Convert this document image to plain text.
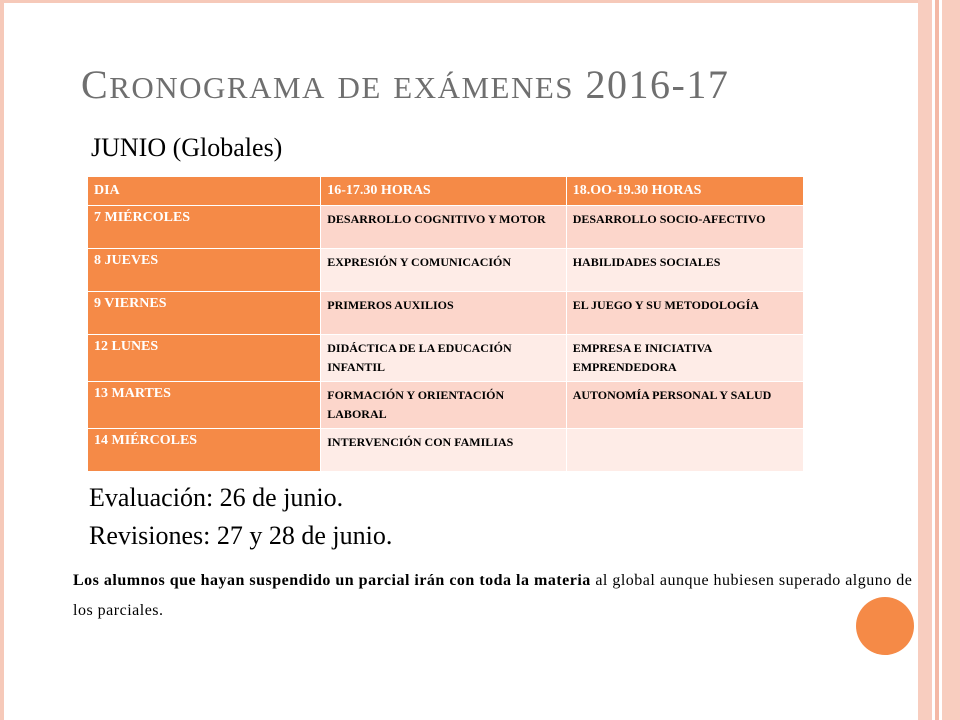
CRONOGRAMA DE EXÁMENES 2016-17
JUNIO (Globales)
DIA	16-17.30 HORAS	18.OO-19.30 HORAS
7 MIÉRCOLES	DESARROLLO COGNITIVO Y MOTOR	DESARROLLO SOCIO-AFECTIVO
8 JUEVES	EXPRESIÓN Y COMUNICACIÓN	HABILIDADES SOCIALES
9 VIERNES	PRIMEROS AUXILIOS	EL JUEGO Y SU METODOLOGÍA
12 LUNES	DIDÁCTICA DE LA EDUCACIÓN INFANTIL	EMPRESA E INICIATIVA EMPRENDEDORA
13 MARTES	FORMACIÓN Y ORIENTACIÓN LABORAL	AUTONOMÍA PERSONAL Y SALUD
14 MIÉRCOLES	INTERVENCIÓN CON FAMILIAS	

Evaluación: 26 de junio.

Revisiones: 27 y 28 de junio.

Los alumnos que hayan suspendido un parcial irán con toda la materia al global aunque hubiesen superado alguno de los parciales.
